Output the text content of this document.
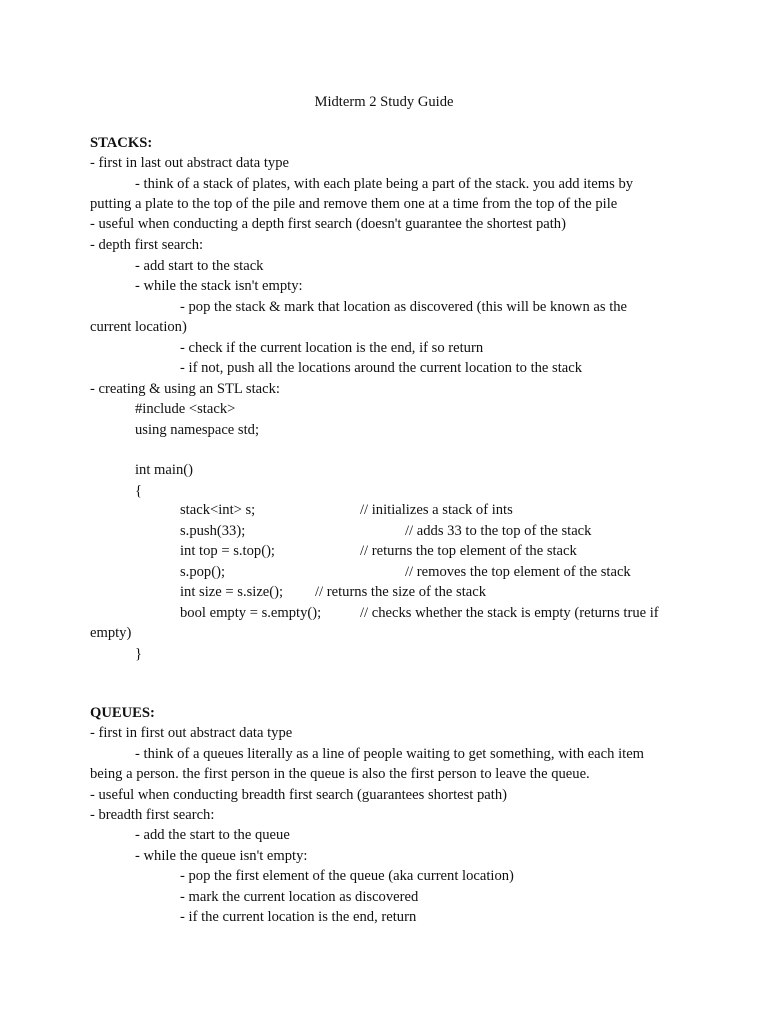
Midterm 2 Study Guide
STACKS:
- first in last out abstract data type
- think of a stack of plates, with each plate being a part of the stack. you add items by
putting a plate to the top of the pile and remove them one at a time from the top of the pile
- useful when conducting a depth first search (doesn't guarantee the shortest path)
- depth first search:
- add start to the stack
- while the stack isn't empty:
- pop the stack & mark that location as discovered (this will be known as the
current location)
- check if the current location is the end, if so return
- if not, push all the locations around the current location to the stack
- creating & using an STL stack:
#include <stack>
using namespace std;
int main()
{
stack<int> s;	// initializes a stack of ints
s.push(33);	// adds 33 to the top of the stack
int top = s.top();	// returns the top element of the stack
s.pop();	// removes the top element of the stack
int size = s.size(); // returns the size of the stack
bool empty = s.empty();	// checks whether the stack is empty (returns true if
empty)
}
QUEUES:
- first in first out abstract data type
- think of a queues literally as a line of people waiting to get something, with each item
being a person. the first person in the queue is also the first person to leave the queue.
- useful when conducting breadth first search (guarantees shortest path)
- breadth first search:
- add the start to the queue
- while the queue isn't empty:
- pop the first element of the queue (aka current location)
- mark the current location as discovered
- if the current location is the end, return
